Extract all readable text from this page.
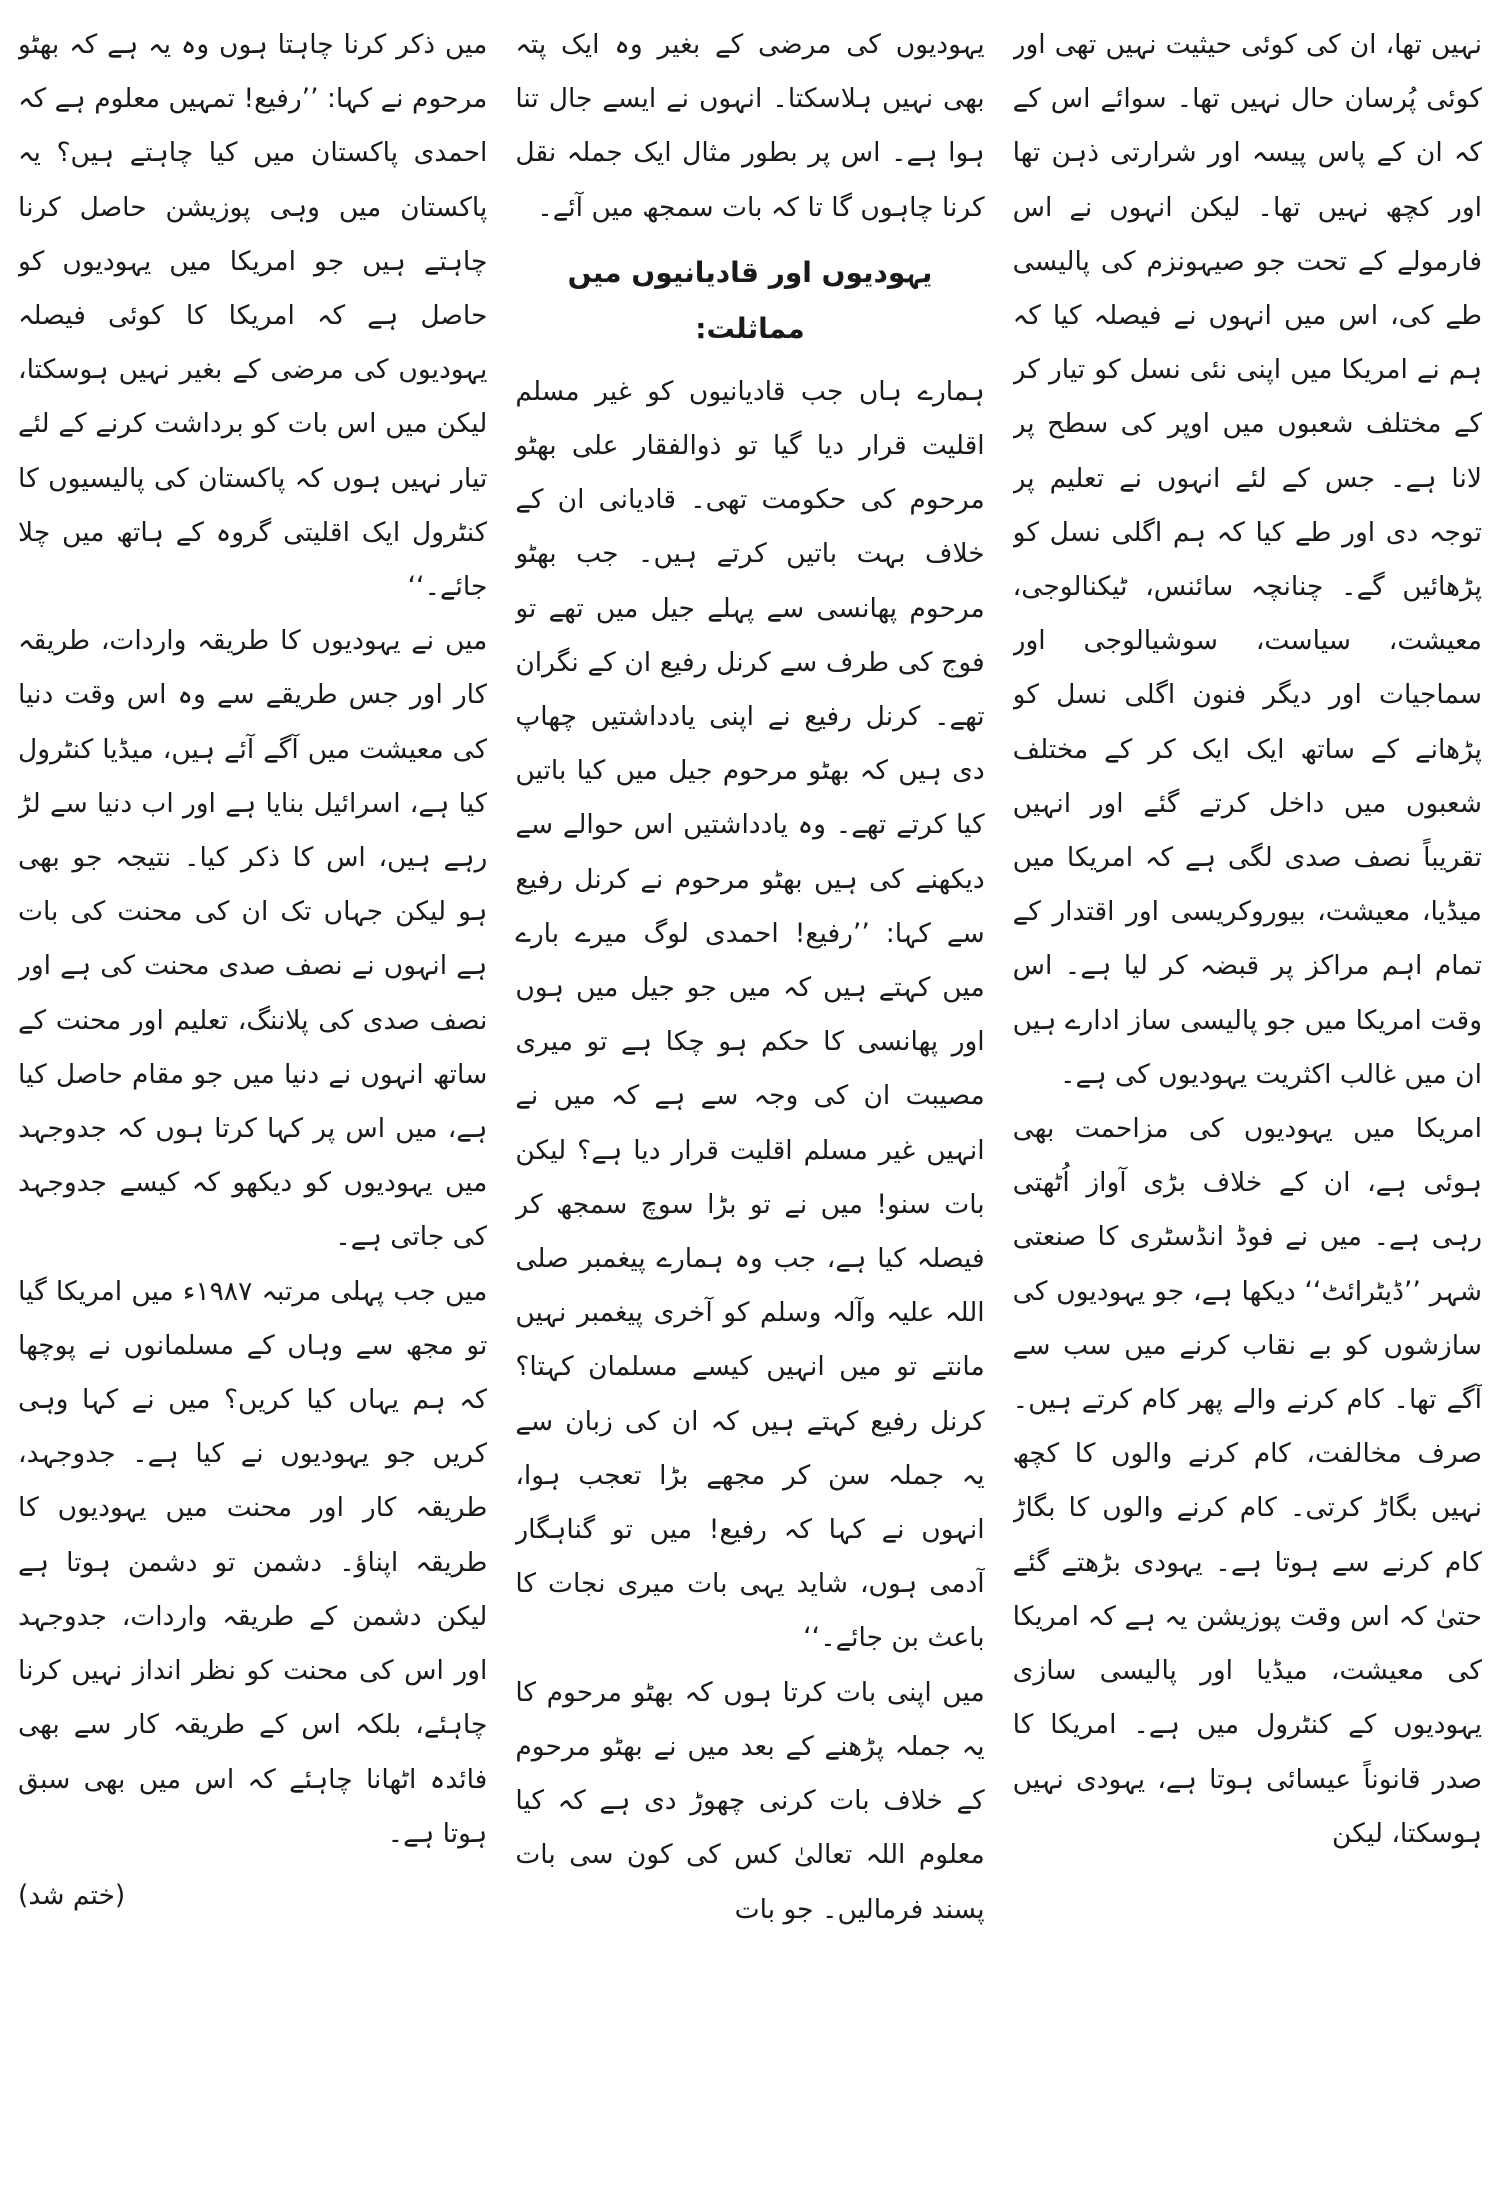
نہیں تھا، ان کی کوئی حیثیت نہیں تھی اور کوئی پُرسان حال نہیں تھا۔ سوائے اس کے کہ ان کے پاس پیسہ اور شرارتی ذہن تھا اور کچھ نہیں تھا۔ لیکن انہوں نے اس فارمولے کے تحت جو صیہونزم کی پالیسی طے کی، اس میں انہوں نے فیصلہ کیا کہ ہم نے امریکا میں اپنی نئی نسل کو تیار کر کے مختلف شعبوں میں اوپر کی سطح پر لانا ہے۔ جس کے لئے انہوں نے تعلیم پر توجہ دی اور طے کیا کہ ہم اگلی نسل کو پڑھائیں گے۔ چنانچہ سائنس، ٹیکنالوجی، معیشت، سیاست، سوشیالوجی اور سماجیات اور دیگر فنون اگلی نسل کو پڑھانے کے ساتھ ایک ایک کر کے مختلف شعبوں میں داخل کرتے گئے اور انہیں تقریباً نصف صدی لگی ہے کہ امریکا میں میڈیا، معیشت، بیوروکریسی اور اقتدار کے تمام اہم مراکز پر قبضہ کر لیا ہے۔ اس وقت امریکا میں جو پالیسی ساز ادارے ہیں ان میں غالب اکثریت یہودیوں کی ہے۔

امریکا میں یہودیوں کی مزاحمت بھی ہوئی ہے، ان کے خلاف بڑی آواز اُٹھتی رہی ہے۔ میں نے فوڈ انڈسٹری کا صنعتی شہر ’’ڈیٹرائٹ‘‘ دیکھا ہے، جو یہودیوں کی سازشوں کو بے نقاب کرنے میں سب سے آگے تھا۔ کام کرنے والے پھر کام کرتے ہیں۔ صرف مخالفت، کام کرنے والوں کا کچھ نہیں بگاڑ کرتی۔ کام کرنے والوں کا بگاڑ کام کرنے سے ہوتا ہے۔ یہودی بڑھتے گئے حتیٰ کہ اس وقت پوزیشن یہ ہے کہ امریکا کی معیشت، میڈیا اور پالیسی سازی یہودیوں کے کنٹرول میں ہے۔ امریکا کا صدر قانوناً عیسائی ہوتا ہے، یہودی نہیں ہوسکتا، لیکن

یہودیوں کی مرضی کے بغیر وہ ایک پتہ بھی نہیں ہلاسکتا۔ انہوں نے ایسے جال تنا ہوا ہے۔ اس پر بطور مثال ایک جملہ نقل کرنا چاہوں گا تا کہ بات سمجھ میں آئے۔

یہودیوں اور قادیانیوں میں مماثلت:

ہمارے ہاں جب قادیانیوں کو غیر مسلم اقلیت قرار دیا گیا تو ذوالفقار علی بھٹو مرحوم کی حکومت تھی۔ قادیانی ان کے خلاف بہت باتیں کرتے ہیں۔ جب بھٹو مرحوم پھانسی سے پہلے جیل میں تھے تو فوج کی طرف سے کرنل رفیع ان کے نگران تھے۔ کرنل رفیع نے اپنی یادداشتیں چھاپ دی ہیں کہ بھٹو مرحوم جیل میں کیا باتیں کیا کرتے تھے۔ وہ یادداشتیں اس حوالے سے دیکھنے کی ہیں بھٹو مرحوم نے کرنل رفیع سے کہا: ’’رفیع! احمدی لوگ میرے بارے میں کہتے ہیں کہ میں جو جیل میں ہوں اور پھانسی کا حکم ہو چکا ہے تو میری مصیبت ان کی وجہ سے ہے کہ میں نے انہیں غیر مسلم اقلیت قرار دیا ہے؟ لیکن بات سنو! میں نے تو بڑا سوچ سمجھ کر فیصلہ کیا ہے، جب وہ ہمارے پیغمبر صلی اللہ علیہ وآلہ وسلم کو آخری پیغمبر نہیں مانتے تو میں انہیں کیسے مسلمان کہتا؟ کرنل رفیع کہتے ہیں کہ ان کی زبان سے یہ جملہ سن کر مجھے بڑا تعجب ہوا، انہوں نے کہا کہ رفیع! میں تو گناہگار آدمی ہوں، شاید یہی بات میری نجات کا باعث بن جائے۔‘‘

میں اپنی بات کرتا ہوں کہ بھٹو مرحوم کا یہ جملہ پڑھنے کے بعد میں نے بھٹو مرحوم کے خلاف بات کرنی چھوڑ دی ہے کہ کیا معلوم اللہ تعالیٰ کس کی کون سی بات پسند فرمالیں۔ جو بات

میں ذکر کرنا چاہتا ہوں وہ یہ ہے کہ بھٹو مرحوم نے کہا: ’’رفیع! تمہیں معلوم ہے کہ احمدی پاکستان میں کیا چاہتے ہیں؟ یہ پاکستان میں وہی پوزیشن حاصل کرنا چاہتے ہیں جو امریکا میں یہودیوں کو حاصل ہے کہ امریکا کا کوئی فیصلہ یہودیوں کی مرضی کے بغیر نہیں ہوسکتا، لیکن میں اس بات کو برداشت کرنے کے لئے تیار نہیں ہوں کہ پاکستان کی پالیسیوں کا کنٹرول ایک اقلیتی گروہ کے ہاتھ میں چلا جائے۔‘‘

میں نے یہودیوں کا طریقہ واردات، طریقہ کار اور جس طریقے سے وہ اس وقت دنیا کی معیشت میں آگے آئے ہیں، میڈیا کنٹرول کیا ہے، اسرائیل بنایا ہے اور اب دنیا سے لڑ رہے ہیں، اس کا ذکر کیا۔ نتیجہ جو بھی ہو لیکن جہاں تک ان کی محنت کی بات ہے انہوں نے نصف صدی محنت کی ہے اور نصف صدی کی پلاننگ، تعلیم اور محنت کے ساتھ انہوں نے دنیا میں جو مقام حاصل کیا ہے، میں اس پر کہا کرتا ہوں کہ جدوجہد میں یہودیوں کو دیکھو کہ کیسے جدوجہد کی جاتی ہے۔

میں جب پہلی مرتبہ ۱۹۸۷ء میں امریکا گیا تو مجھ سے وہاں کے مسلمانوں نے پوچھا کہ ہم یہاں کیا کریں؟ میں نے کہا وہی کریں جو یہودیوں نے کیا ہے۔ جدوجہد، طریقہ کار اور محنت میں یہودیوں کا طریقہ اپناؤ۔ دشمن تو دشمن ہوتا ہے لیکن دشمن کے طریقہ واردات، جدوجہد اور اس کی محنت کو نظر انداز نہیں کرنا چاہئے، بلکہ اس کے طریقہ کار سے بھی فائدہ اٹھانا چاہئے کہ اس میں بھی سبق ہوتا ہے۔

(ختم شد)
